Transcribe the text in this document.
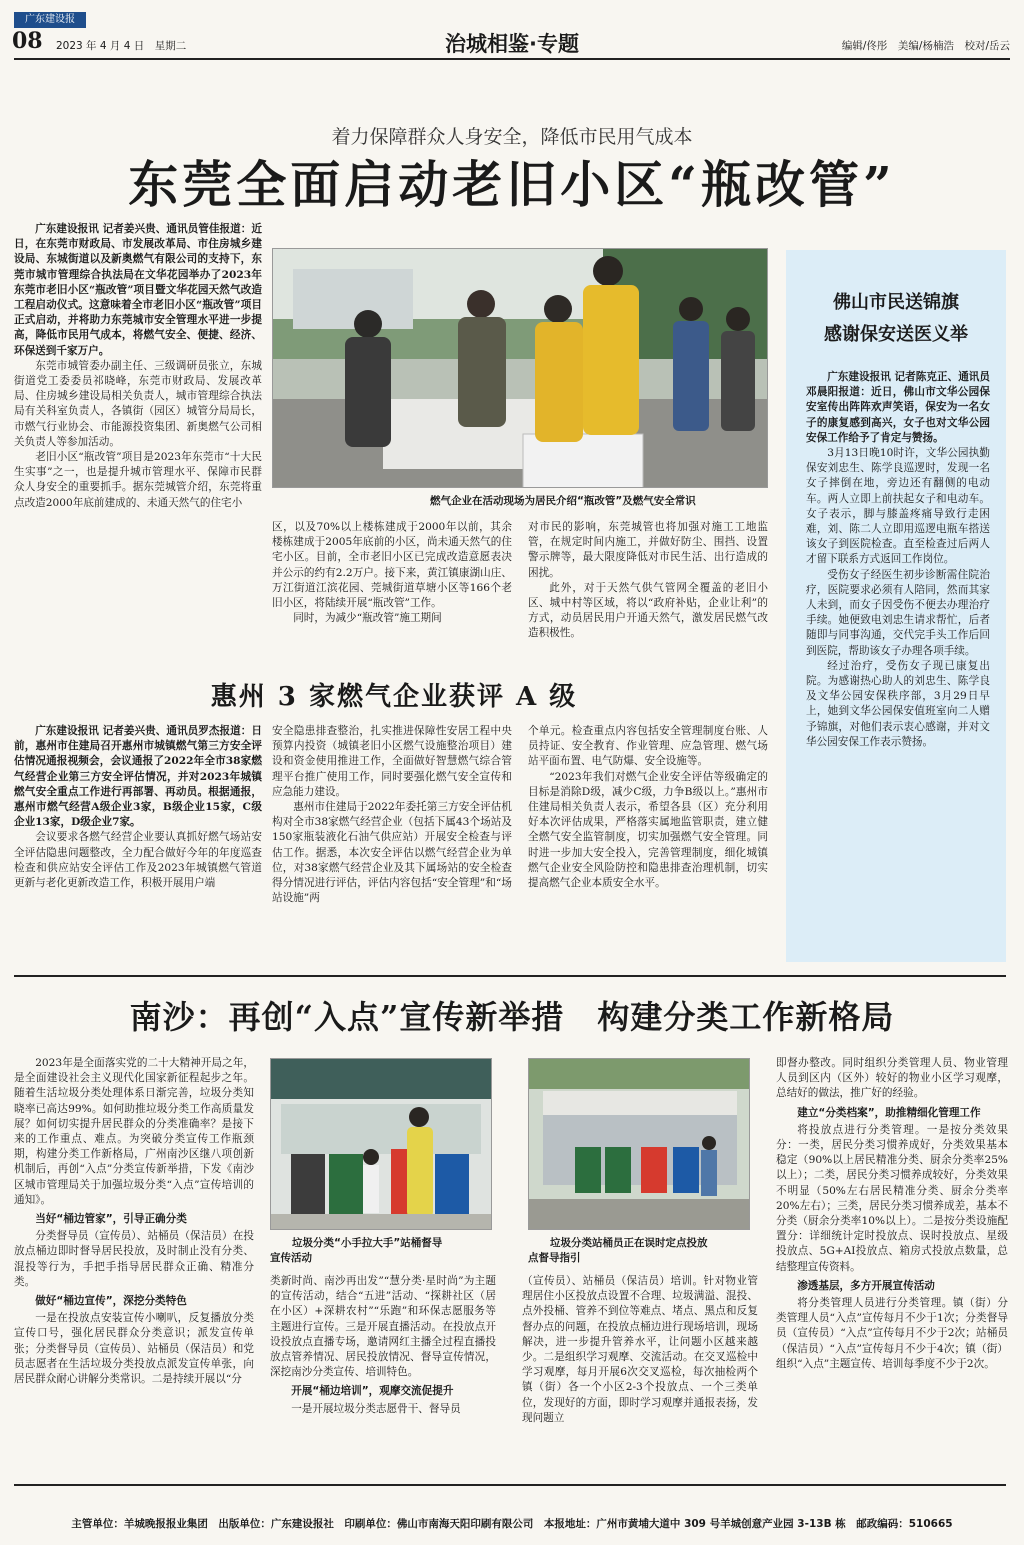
广东建设报
08 2023 年 4 月 4 日　星期二	治城相鉴·专题	编辑/佟彤　美编/杨楠浩　校对/岳云
着力保障群众人身安全，降低市民用气成本
东莞全面启动老旧小区“瓶改管”
燃气企业在活动现场为居民介绍“瓶改管”及燃气安全常识

广东建设报讯 记者姜兴贵、通讯员管佳报道：近日，在东莞市财政局、市发展改革局、市住房城乡建设局、东城街道以及新奥燃气有限公司的支持下，东莞市城市管理综合执法局在文华花园举办了2023年东莞市老旧小区“瓶改管”项目暨文华花园天然气改造工程启动仪式。这意味着全市老旧小区“瓶改管”项目正式启动，并将助力东莞城市安全管理水平进一步提高，降低市民用气成本，将燃气安全、便捷、经济、环保送到千家万户。

东莞市城管委办副主任、三级调研员张立，东城街道党工委委员祁晓峰，东莞市财政局、发展改革局、住房城乡建设局相关负责人，城市管理综合执法局有关科室负责人，各镇街（园区）城管分局局长，市燃气行业协会、市能源投资集团、新奥燃气公司相关负责人等参加活动。

老旧小区“瓶改管”项目是2023年东莞市“十大民生实事”之一，也是提升城市管理水平、保障市民群众人身安全的重要抓手。据东莞城管介绍，东莞将重点改造2000年底前建成的、未通天然气的住宅小

区，以及70%以上楼栋建成于2000年以前，其余楼栋建成于2005年底前的小区，尚未通天然气的住宅小区。目前，全市老旧小区已完成改造意愿表决并公示的约有2.2万户。接下来，黄江镇康湖山庄、万江街道江滨花园、莞城街道草塘小区等166个老旧小区，将陆续开展“瓶改管”工作。

同时，为减少“瓶改管”施工期间

对市民的影响，东莞城管也将加强对施工工地监管，在规定时间内施工，并做好防尘、围挡、设置警示牌等，最大限度降低对市民生活、出行造成的困扰。

此外，对于天然气供气管网全覆盖的老旧小区、城中村等区域，将以“政府补贴，企业让利”的方式，动员居民用户开通天然气，激发居民燃气改造积极性。

佛山市民送锦旗
感谢保安送医义举

广东建设报讯 记者陈克正、通讯员邓晨阳报道：近日，佛山市文华公园保安室传出阵阵欢声笑语，保安为一名女子的康复感到高兴，女子也对文华公园安保工作给予了肯定与赞扬。

3月13日晚10时许，文华公园执勤保安刘忠生、陈学良巡逻时，发现一名女子摔倒在地，旁边还有翻侧的电动车。两人立即上前扶起女子和电动车。女子表示，脚与膝盖疼痛导致行走困难，刘、陈二人立即用巡逻电瓶车搭送该女子到医院检查。直至检查过后两人才留下联系方式返回工作岗位。

受伤女子经医生初步诊断需住院治疗，医院要求必须有人陪同，然而其家人未到，而女子因受伤不便去办理治疗手续。她便致电刘忠生请求帮忙，后者随即与同事沟通，交代完手头工作后回到医院，帮助该女子办理各项手续。

经过治疗，受伤女子现已康复出院。为感谢热心助人的刘忠生、陈学良及文华公园安保秩序部，3月29日早上，她到文华公园保安值班室向二人赠予锦旗，对他们表示衷心感谢，并对文华公园安保工作表示赞扬。

惠州 3 家燃气企业获评 A 级

广东建设报讯 记者姜兴贵、通讯员罗杰报道：日前，惠州市住建局召开惠州市城镇燃气第三方安全评估情况通报视频会，会议通报了2022年全市38家燃气经营企业第三方安全评估情况，并对2023年城镇燃气安全重点工作进行再部署、再动员。根据通报，惠州市燃气经营A级企业3家，B级企业15家，C级企业13家，D级企业7家。

会议要求各燃气经营企业要认真抓好燃气场站安全评估隐患问题整改，全力配合做好今年的年度巡查检查和供应站安全评估工作及2023年城镇燃气管道更新与老化更新改造工作，积极开展用户端

安全隐患排查整治，扎实推进保障性安居工程中央预算内投资（城镇老旧小区燃气设施整治项目）建设和资金使用推进工作，全面做好智慧燃气综合管理平台推广使用工作，同时要强化燃气安全宣传和应急能力建设。

惠州市住建局于2022年委托第三方安全评估机构对全市38家燃气经营企业（包括下属43个场站及150家瓶装液化石油气供应站）开展安全检查与评估工作。据悉，本次安全评估以燃气经营企业为单位，对38家燃气经营企业及其下属场站的安全检查得分情况进行评估，评估内容包括“安全管理”和“场站设施”两

个单元。检查重点内容包括安全管理制度台账、人员持证、安全教育、作业管理、应急管理、燃气场站平面布置、电气防爆、安全设施等。

“2023年我们对燃气企业安全评估等级确定的目标是消除D级，减少C级，力争B级以上。”惠州市住建局相关负责人表示，希望各县（区）充分利用好本次评估成果，严格落实属地监管职责，建立健全燃气安全监管制度，切实加强燃气安全管理。同时进一步加大安全投入，完善管理制度，细化城镇燃气企业安全风险防控和隐患排查治理机制，切实提高燃气企业本质安全水平。

南沙：再创“入点”宣传新举措　构建分类工作新格局

2023年是全面落实党的二十大精神开局之年，是全面建设社会主义现代化国家新征程起步之年。随着生活垃圾分类处理体系日渐完善，垃圾分类知晓率已高达99%。如何助推垃圾分类工作高质量发展？如何切实提升居民群众的分类准确率？是接下来的工作重点、难点。为突破分类宣传工作瓶颈期，构建分类工作新格局，广州南沙区继八项创新机制后，再创“入点”分类宣传新举措，下发《南沙区城市管理局关于加强垃圾分类“入点”宣传培训的通知》。

当好“桶边管家”，引导正确分类

分类督导员（宣传员）、站桶员（保洁员）在投放点桶边即时督导居民投放，及时制止没有分类、混投等行为，手把手指导居民群众正确、精准分类。

做好“桶边宣传”，深挖分类特色

一是在投放点安装宣传小喇叭，反复播放分类宣传口号，强化居民群众分类意识；派发宣传单张；分类督导员（宣传员）、站桶员（保洁员）和党员志愿者在生活垃圾分类投放点派发宣传单张，向居民群众耐心讲解分类常识。二是持续开展以“分

垃圾分类“小手拉大手”站桶督导
宣传活动

类新时尚、南沙再出发”“慧分类·星时尚”为主题的宣传活动，结合“五进”活动、“探耕社区（居在小区）+深耕农村”“乐跑”和环保志愿服务等主题进行宣传。三是开展直播活动。在投放点开设投放点直播专场，邀请网红主播全过程直播投放点管养情况、居民投放情况、督导宣传情况，深挖南沙分类宣传、培训特色。

开展“桶边培训”，观摩交流促提升

一是开展垃圾分类志愿骨干、督导员

垃圾分类站桶员正在误时定点投放
点督导指引

（宣传员）、站桶员（保洁员）培训。针对物业管理居住小区投放点设置不合理、垃圾满溢、混投、点外投桶、管养不到位等难点、堵点、黑点和反复督办点的问题，在投放点桶边进行现场培训，现场解决，进一步提升管养水平，让问题小区越来越少。二是组织学习观摩、交流活动。在交叉巡检中学习观摩，每月开展6次交叉巡检，每次抽检两个镇（街）各一个小区2-3个投放点、一个三类单位，发现好的方面，即时学习观摩并通报表扬，发现问题立

即督办整改。同时组织分类管理人员、物业管理人员到区内（区外）较好的物业小区学习观摩，总结好的做法，推广好的经验。

建立“分类档案”，助推精细化管理工作

将投放点进行分类管理。一是按分类效果分：一类，居民分类习惯养成好，分类效果基本稳定（90%以上居民精准分类、厨余分类率25%以上）；二类，居民分类习惯养成较好，分类效果不明显（50%左右居民精准分类、厨余分类率20%左右）；三类，居民分类习惯养成差，基本不分类（厨余分类率10%以上）。二是按分类设施配置分：详细统计定时投放点、误时投放点、星级投放点、5G+AI投放点、箱房式投放点数量，总结整理宣传资料。

渗透基层，多方开展宣传活动

将分类管理人员进行分类管理。镇（街）分类管理人员“入点”宣传每月不少于1次；分类督导员（宣传员）“入点”宣传每月不少于2次；站桶员（保洁员）“入点”宣传每月不少于4次；镇（街）组织“入点”主题宣传、培训每季度不少于2次。

主管单位：羊城晚报报业集团　出版单位：广东建设报社　印刷单位：佛山市南海天阳印刷有限公司　本报地址：广州市黄埔大道中 309 号羊城创意产业园 3-13B 栋　邮政编码：510665
